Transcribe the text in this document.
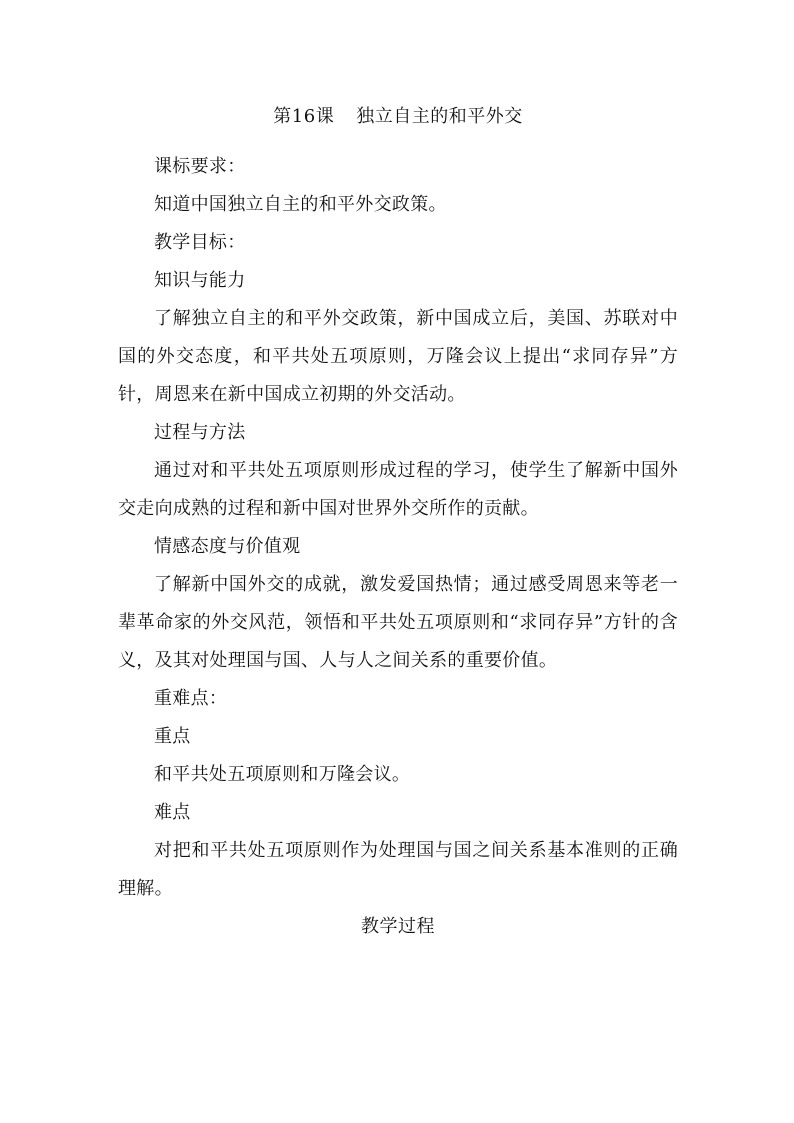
第16课 独立自主的和平外交

课标要求：

知道中国独立自主的和平外交政策。

教学目标：

知识与能力

了解独立自主的和平外交政策，新中国成立后，美国、苏联对中国的外交态度，和平共处五项原则，万隆会议上提出“求同存异”方针，周恩来在新中国成立初期的外交活动。

过程与方法

通过对和平共处五项原则形成过程的学习，使学生了解新中国外交走向成熟的过程和新中国对世界外交所作的贡献。

情感态度与价值观

了解新中国外交的成就，激发爱国热情；通过感受周恩来等老一辈革命家的外交风范，领悟和平共处五项原则和“求同存异”方针的含义，及其对处理国与国、人与人之间关系的重要价值。

重难点：

重点

和平共处五项原则和万隆会议。

难点

对把和平共处五项原则作为处理国与国之间关系基本准则的正确理解。

教学过程
